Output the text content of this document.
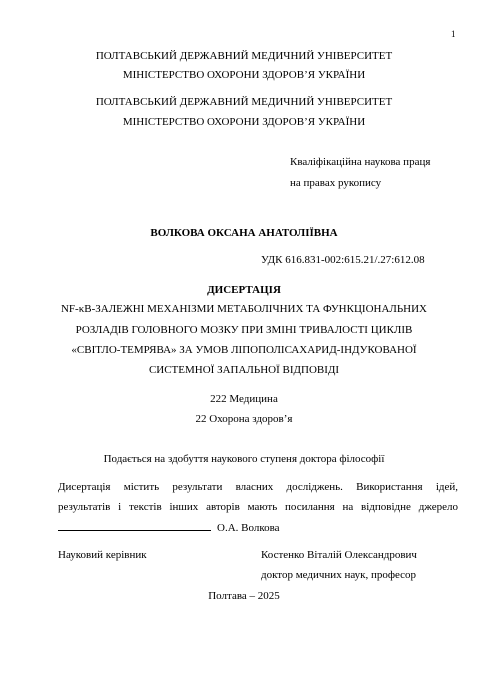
1
ПОЛТАВСЬКИЙ ДЕРЖАВНИЙ МЕДИЧНИЙ УНІВЕРСИТЕТ
МІНІСТЕРСТВО ОХОРОНИ ЗДОРОВ’Я УКРАЇНИ
ПОЛТАВСЬКИЙ ДЕРЖАВНИЙ МЕДИЧНИЙ УНІВЕРСИТЕТ
МІНІСТЕРСТВО ОХОРОНИ ЗДОРОВ’Я УКРАЇНИ
Кваліфікаційна наукова праця
на правах рукопису
ВОЛКОВА ОКСАНА АНАТОЛІЇВНА
УДК 616.831-002:615.21/.27:612.08
ДИСЕРТАЦІЯ
NF-κB-ЗАЛЕЖНІ МЕХАНІЗМИ МЕТАБОЛІЧНИХ ТА ФУНКЦІОНАЛЬНИХ
РОЗЛАДІВ ГОЛОВНОГО МОЗКУ ПРИ ЗМІНІ ТРИВАЛОСТІ ЦИКЛІВ
«СВІТЛО-ТЕМРЯВА» ЗА УМОВ ЛІПОПОЛІСАХАРИД-ІНДУКОВАНОЇ
СИСТЕМНОЇ ЗАПАЛЬНОЇ ВІДПОВІДІ
222 Медицина
22 Охорона здоров’я
Подається на здобуття наукового ступеня доктора філософії
Дисертація містить результати власних досліджень. Використання ідей,
результатів і текстів інших авторів мають посилання на відповідне джерело
О.А. Волкова
Науковий керівник	Костенко Віталій Олександрович
доктор медичних наук, професор
Полтава – 2025
